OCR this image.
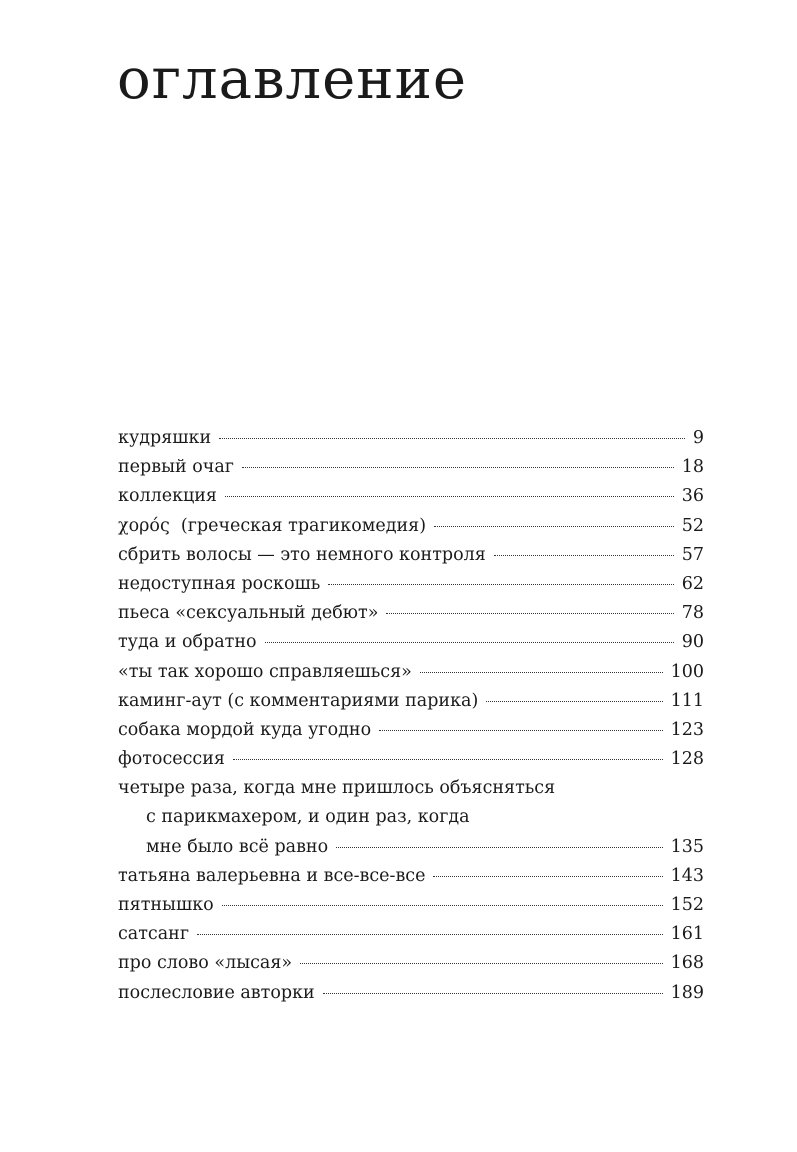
оглавление
кудряшки	9
первый очаг	18
коллекция	36
χορός  (греческая трагикомедия)	52
сбрить волосы — это немного контроля	57
недоступная роскошь	62
пьеса «сексуальный дебют»	78
туда и обратно	90
«ты так хорошо справляешься»	100
каминг-аут (с комментариями парика)	111
собака мордой куда угодно	123
фотосессия	128
четыре раза, когда мне пришлось объясняться
с парикмахером, и один раз, когда
мне было всё равно	135
татьяна валерьевна и все-все-все	143
пятнышко	152
сатсанг	161
про слово «лысая»	168
послесловие авторки	189
